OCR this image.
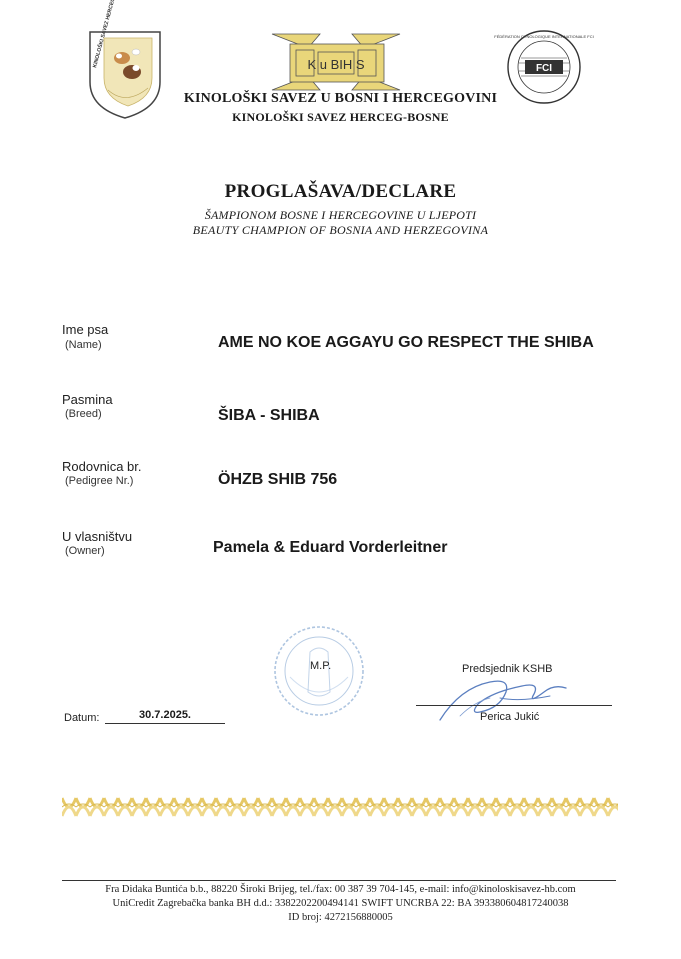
K u BIH S	FCI
FÉDÉRATION CYNOLOGIQUE INTERNATIONALE FCI
KINOLOŠKI SAVEZ U BOSNI I HERCEGOVINI
KINOLOŠKI SAVEZ HERCEG-BOSNE
PROGLAŠAVA/DECLARE
ŠAMPIONOM BOSNE I HERCEGOVINE U LJEPOTI
BEAUTY CHAMPION OF BOSNIA AND HERZEGOVINA
Ime psa
(Name)	AME NO KOE AGGAYU GO RESPECT THE SHIBA
Pasmina
(Breed)	ŠIBA - SHIBA
Rodovnica br.
(Pedigree Nr.)	ÖHZB SHIB 756
U vlasništvu
(Owner)	Pamela & Eduard Vorderleitner
M.P.	Predsjednik KSHB
Perica Jukić
Datum:	30.7.2025.
Fra Didaka Buntića b.b., 88220 Široki Brijeg, tel./fax: 00 387 39 704-145, e-mail: info@kinoloskisavez-hb.com
UniCredit Zagrebačka banka BH d.d.: 3382202200494141 SWIFT UNCRBA 22: BA 393380604817240038
ID broj: 4272156880005
